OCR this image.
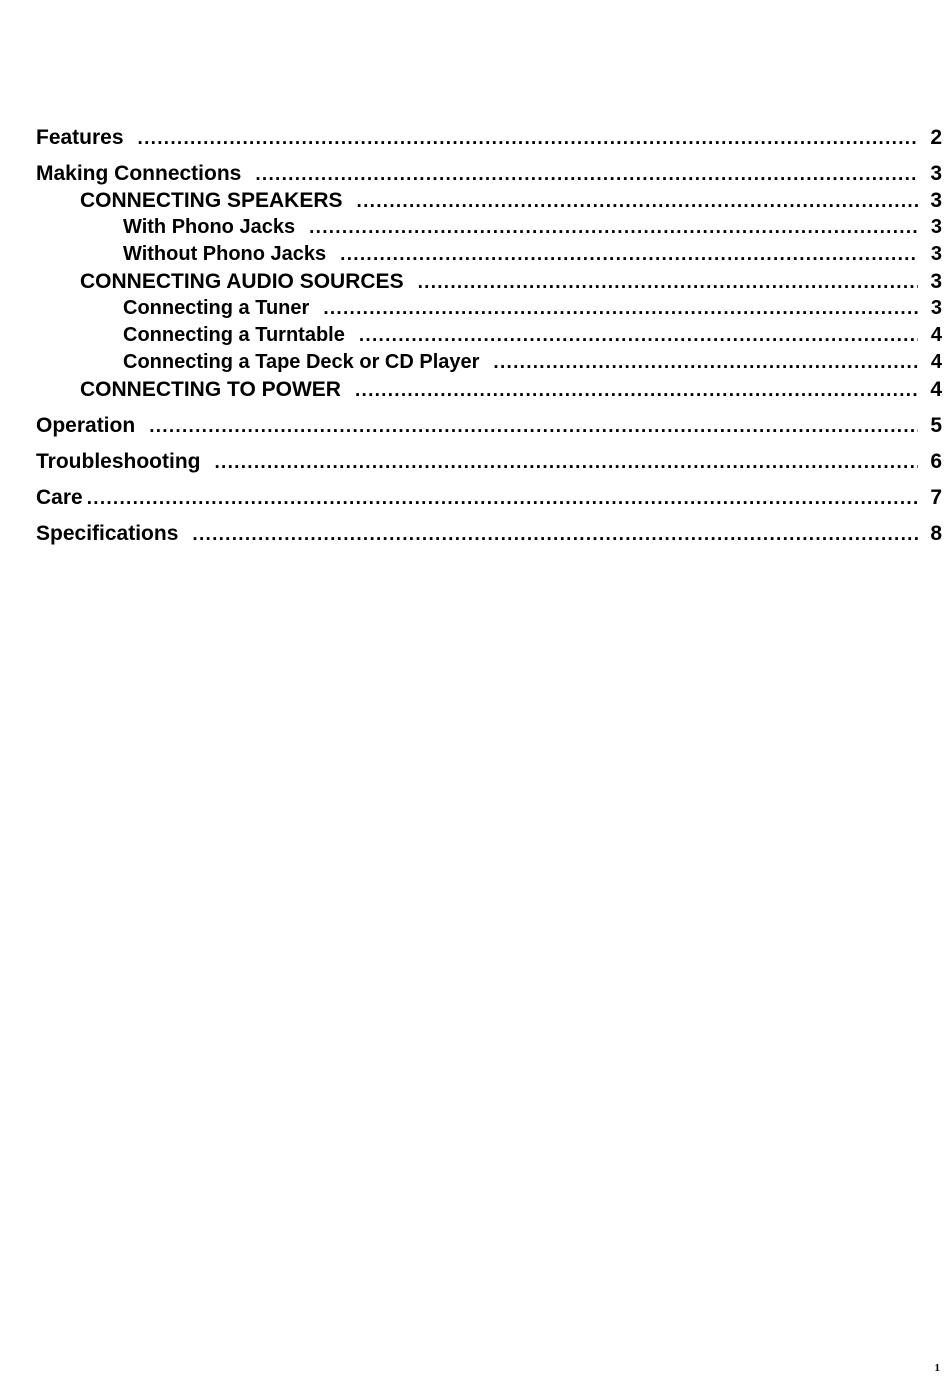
Features . . .	2
Making Connections . . .	3
CONNECTING SPEAKERS . . .	3
With Phono Jacks . . .	3
Without Phono Jacks . . .	3
CONNECTING AUDIO SOURCES . . .	3
Connecting a Tuner . . .	3
Connecting a Turntable . . .	4
Connecting a Tape Deck or CD Player . . .	4
CONNECTING TO POWER . . .	4
Operation . . .	5
Troubleshooting . . .	6
Care . . .	7
Specifications . . .	8
1
